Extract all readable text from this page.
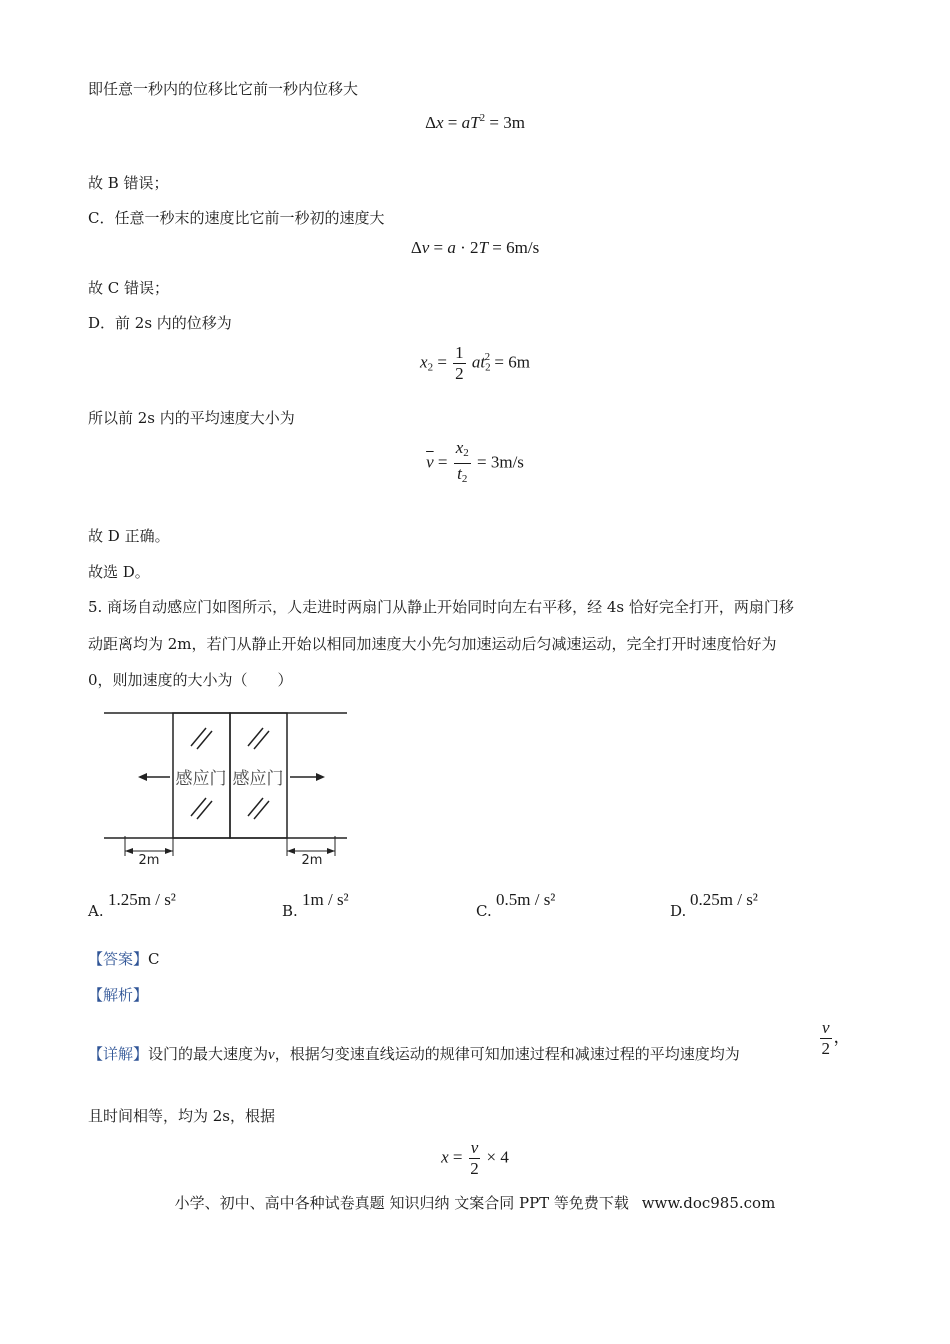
即任意一秒内的位移比它前一秒内位移大
$\Delta x = aT^2 = 3m$
故 B 错误；
C．任意一秒末的速度比它前一秒初的速度大
Δv = a · 2T = 6m/s
故 C 错误；
D．前 2s 内的位移为
$x_2 = \frac{1}{2} at_2^2 = 6m$
所以前 2s 内的平均速度大小为
$\overline{v} = \frac{x_2}{t_2} = 3m/s$
故 D 正确。
故选 D。
5. 商场自动感应门如图所示，人走进时两扇门从静止开始同时向左右平移，经 4s 恰好完全打开，两扇门移
动距离均为 2m，若门从静止开始以相同加速度大小先匀加速运动后匀减速运动，完全打开时速度恰好为
0，则加速度的大小为（　　）
感应门 感应门
2m	2m
A.
1.25m / s²
B.
1m / s²
C.
0.5m / s²
D.
0.25m / s²
【答案】C
【解析】
【详解】设门的最大速度为v，根据匀变速直线运动的规律可知加速过程和减速过程的平均速度均为	$\frac{v}{2}$ ，
且时间相等，均为 2s，根据
$x = \frac{v}{2} \times 4$
小学、初中、高中各种试卷真题 知识归纳 文案合同 PPT 等免费下载 www.doc985.com
